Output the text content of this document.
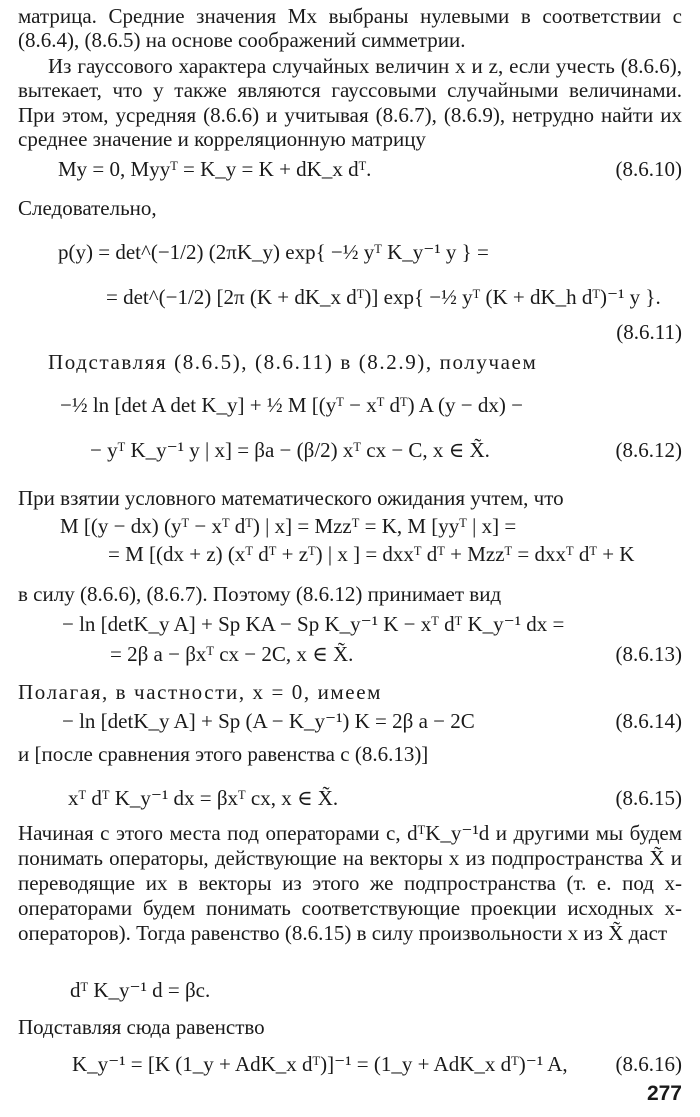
матрица. Средние значения Mx выбраны нулевыми в соответствии с (8.6.4), (8.6.5) на основе соображений симметрии.
Из гауссового характера случайных величин x и z, если учесть (8.6.6), вытекает, что y также являются гауссовыми случайными величинами. При этом, усредняя (8.6.6) и учитывая (8.6.7), (8.6.9), нетрудно найти их среднее значение и корреляционную матрицу
My = 0, Myyᵀ = K_y = K + dK_x dᵀ.	(8.6.10)
Следовательно,
p(y) = det^(−1/2) (2πK_y) exp{ −½ yᵀ K_y⁻¹ y } =
= det^(−1/2) [2π (K + dK_x dᵀ)] exp{ −½ yᵀ (K + dK_h dᵀ)⁻¹ y }.
(8.6.11)
Подставляя (8.6.5), (8.6.11) в (8.2.9), получаем
−½ ln [det A det K_y] + ½ M [(yᵀ − xᵀ dᵀ) A (y − dx) −
− yᵀ K_y⁻¹ y | x] = βa − (β/2) xᵀ cx − C, x ∈ X̃.	(8.6.12)
При взятии условного математического ожидания учтем, что
M [(y − dx) (yᵀ − xᵀ dᵀ) | x] = Mzzᵀ = K, M [yyᵀ | x] =
= M [(dx + z) (xᵀ dᵀ + zᵀ) | x ] = dxxᵀ dᵀ + Mzzᵀ = dxxᵀ dᵀ + K
в силу (8.6.6), (8.6.7). Поэтому (8.6.12) принимает вид
− ln [detK_y A] + Sp KA − Sp K_y⁻¹ K − xᵀ dᵀ K_y⁻¹ dx =
= 2β a − βxᵀ cx − 2C, x ∈ X̃.	(8.6.13)
Полагая, в частности, x = 0, имеем
− ln [detK_y A] + Sp (A − K_y⁻¹) K = 2β a − 2C	(8.6.14)
и [после сравнения этого равенства с (8.6.13)]
xᵀ dᵀ K_y⁻¹ dx = βxᵀ cx, x ∈ X̃.	(8.6.15)
Начиная с этого места под операторами c, dᵀK_y⁻¹d и другими мы будем понимать операторы, действующие на векторы x из подпространства X̃ и переводящие их в векторы из этого же подпространства (т. е. под x-операторами будем понимать соответствующие проекции исходных x-операторов). Тогда равенство (8.6.15) в силу произвольности x из X̃ даст
dᵀ K_y⁻¹ d = βc.
Подставляя сюда равенство
K_y⁻¹ = [K (1_y + AdK_x dᵀ)]⁻¹ = (1_y + AdK_x dᵀ)⁻¹ A, (8.6.16)
277
